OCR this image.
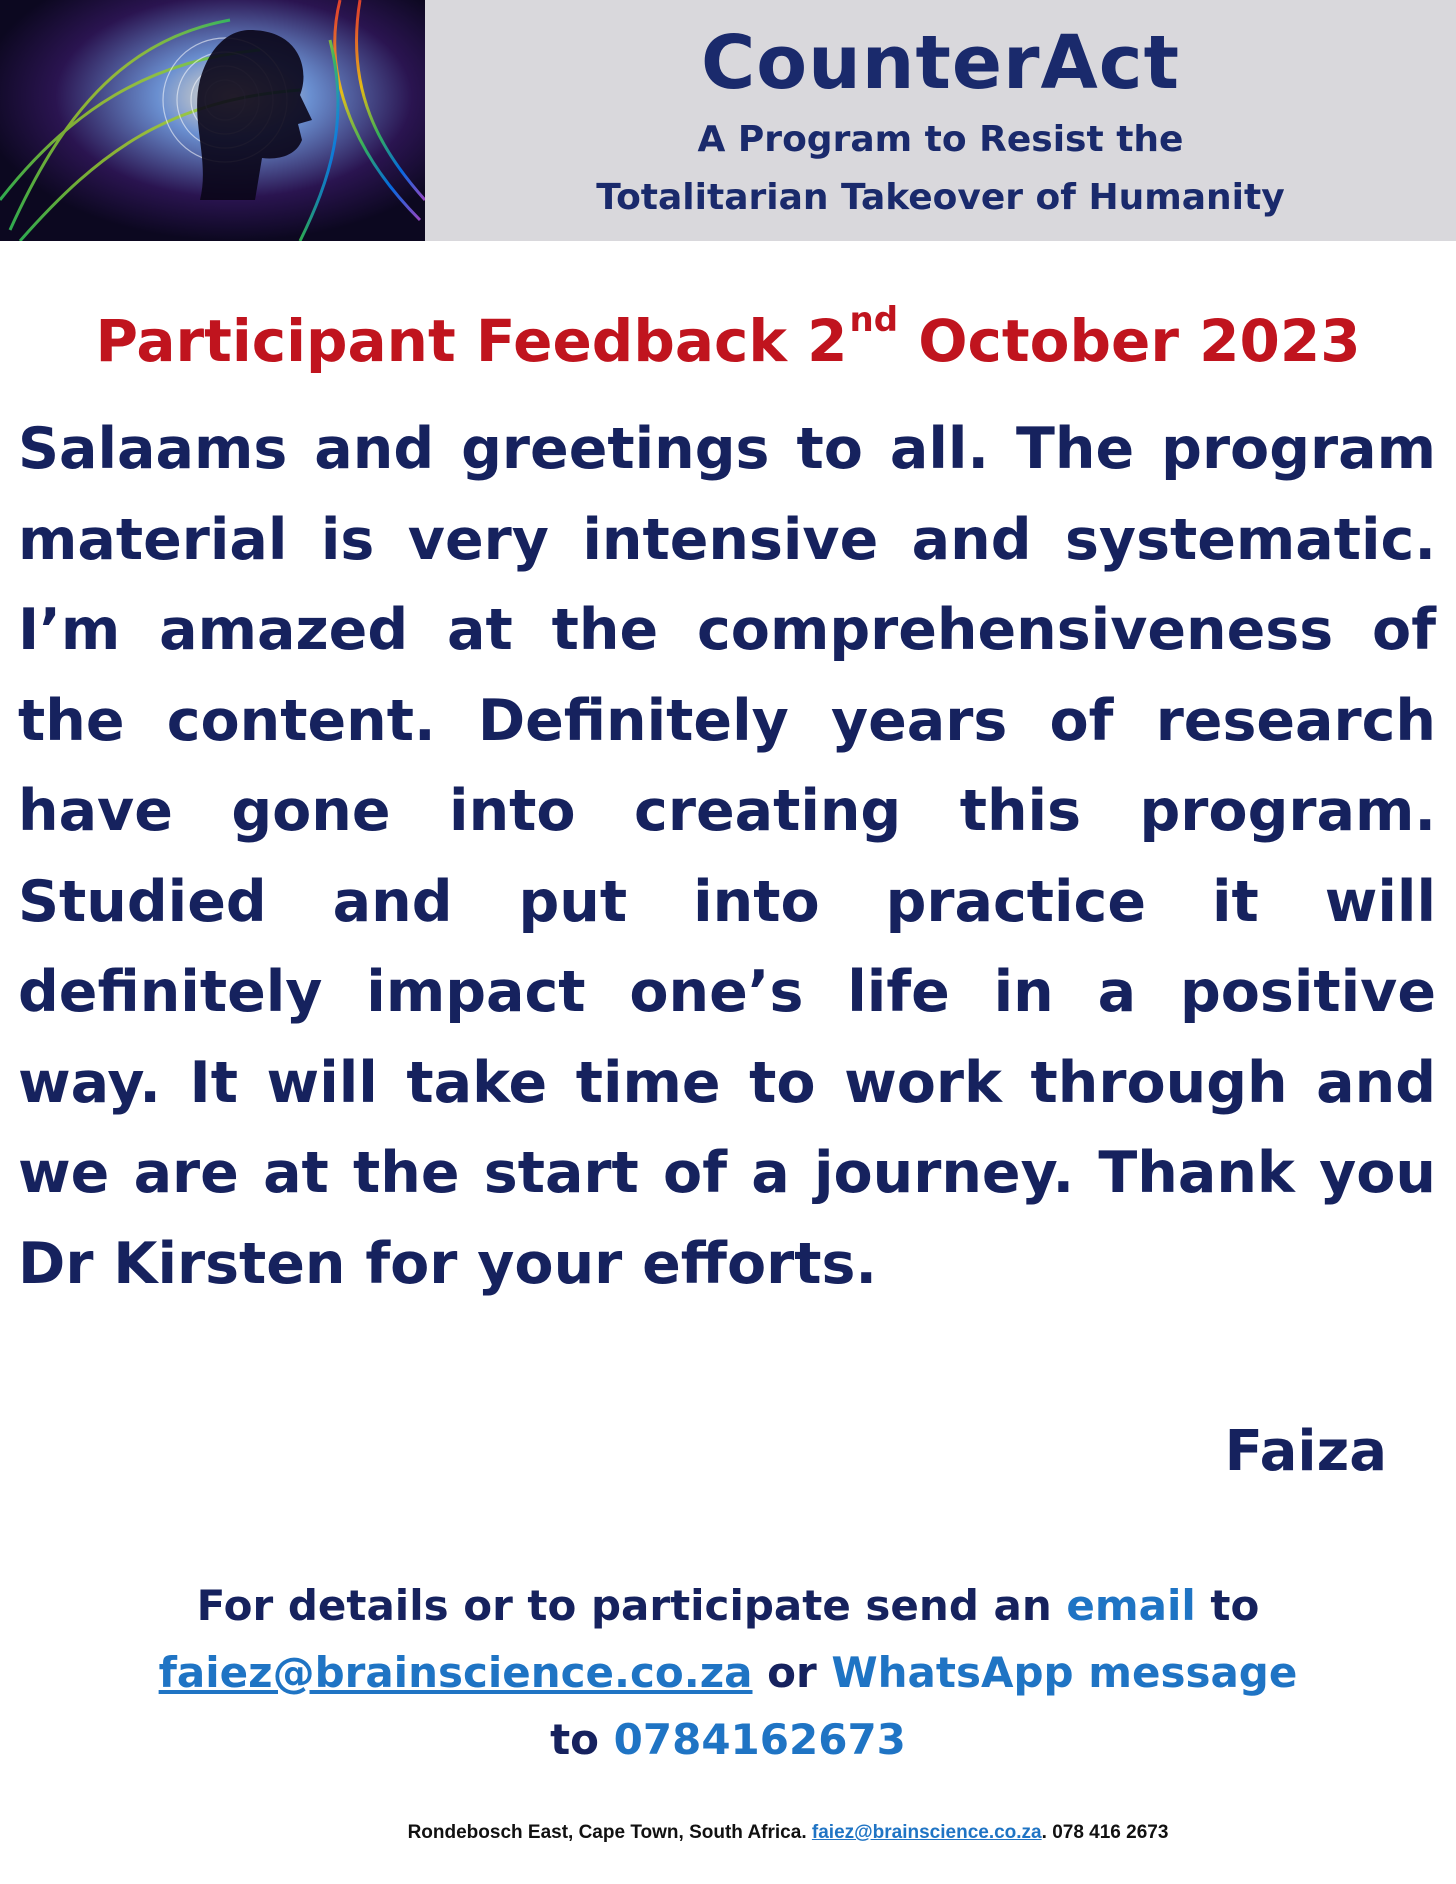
CounterAct
A Program to Resist the
Totalitarian Takeover of Humanity
Participant Feedback 2nd October 2023

Salaams and greetings to all. The program material is very intensive and systematic. I’m amazed at the comprehensiveness of the content. Definitely years of research have gone into creating this program. Studied and put into practice it will definitely impact one’s life in a positive way. It will take time to work through and we are at the start of a journey. Thank you Dr Kirsten for your efforts.

Faiza
For details or to participate send an email to
faiez@brainscience.co.za or WhatsApp message
to 0784162673
Rondebosch East, Cape Town, South Africa. faiez@brainscience.co.za. 078 416 2673
